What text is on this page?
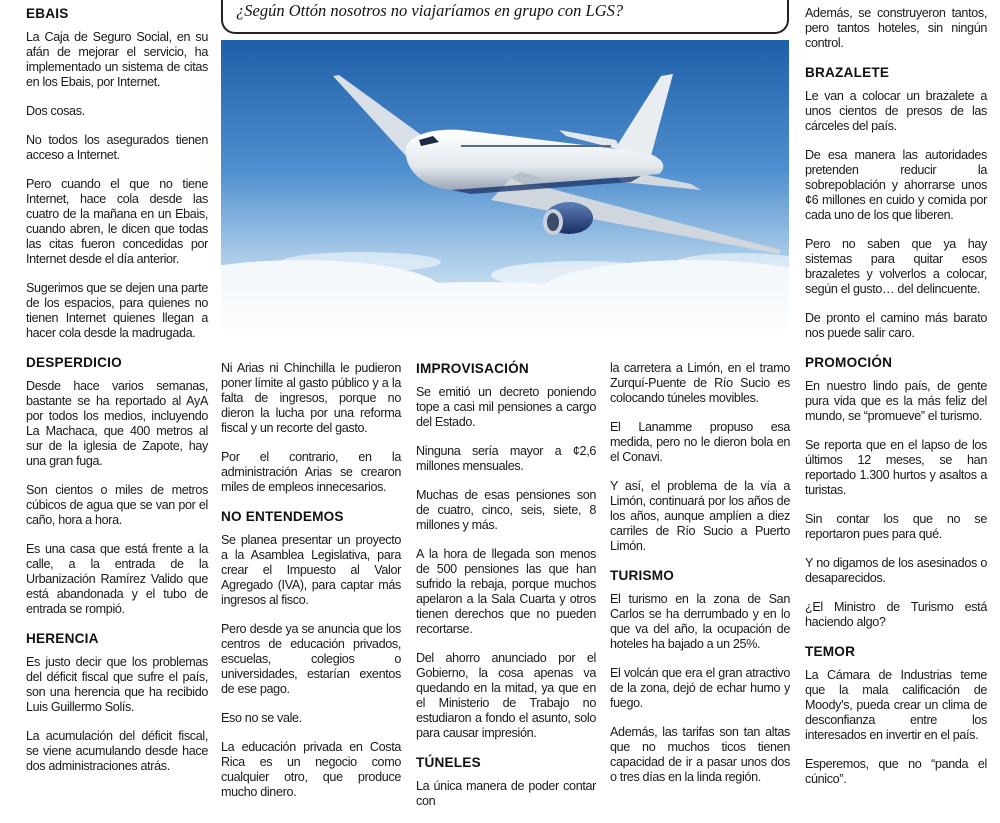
EBAIS

La Caja de Seguro Social, en su afán de mejorar el servicio, ha implementado un sistema de citas en los Ebais, por Internet.

Dos cosas.

No todos los asegurados tienen acceso a Internet.

Pero cuando el que no tiene Internet, hace cola desde las cuatro de la mañana en un Ebais, cuando abren, le dicen que todas las citas fueron concedidas por Internet desde el día anterior.

Sugerimos que se dejen una parte de los espacios, para quienes no tienen Internet quienes llegan a hacer cola desde la madrugada.

DESPERDICIO

Desde hace varios semanas, bastante se ha reportado al AyA por todos los medios, incluyendo La Machaca, que 400 metros al sur de la iglesia de Zapote, hay una gran fuga.

Son cientos o miles de metros cúbicos de agua que se van por el caño, hora a hora.

Es una casa que está frente a la calle, a la entrada de la Urbanización Ramírez Valido que está abandonada y el tubo de entrada se rompió.

HERENCIA

Es justo decir que los problemas del déficit fiscal que sufre el país, son una herencia que ha recibido Luis Guillermo Solís.

La acumulación del déficit fiscal, se viene acumulando desde hace dos administraciones atrás.

¿Según Ottón nosotros no viajaríamos en grupo con LGS?

Ni Arias ni Chinchilla le pudieron poner límite al gasto público y a la falta de ingresos, porque no dieron la lucha por una reforma fiscal y un recorte del gasto.

Por el contrario, en la administración Arias se crearon miles de empleos innecesarios.

NO ENTENDEMOS

Se planea presentar un proyecto a la Asamblea Legislativa, para crear el Impuesto al Valor Agregado (IVA), para captar más ingresos al fisco.

Pero desde ya se anuncia que los centros de educación privados, escuelas, colegios o universidades, estarían exentos de ese pago.

Eso no se vale.

La educación privada en Costa Rica es un negocio como cualquier otro, que produce mucho dinero.

IMPROVISACIÓN

Se emitió un decreto poniendo tope a casi mil pensiones a cargo del Estado.

Ninguna sería mayor a ¢2,6 millones mensuales.

Muchas de esas pensiones son de cuatro, cinco, seis, siete, 8 millones y más.

A la hora de llegada son menos de 500 pensiones las que han sufrido la rebaja, porque muchos apelaron a la Sala Cuarta y otros tienen derechos que no pueden recortarse.

Del ahorro anunciado por el Gobierno, la cosa apenas va quedando en la mitad, ya que en el Ministerio de Trabajo no estudiaron a fondo el asunto, solo para causar impresión.

TÚNELES

La única manera de poder contar con

la carretera a Limón, en el tramo Zurquí-Puente de Río Sucio es colocando túneles movibles.

El Lanamme propuso esa medida, pero no le dieron bola en el Conavi.

Y así, el problema de la vía a Limón, continuará por los años de los años, aunque amplíen a diez carriles de Río Sucio a Puerto Limón.

TURISMO

El turismo en la zona de San Carlos se ha derrumbado y en lo que va del año, la ocupación de hoteles ha bajado a un 25%.

El volcán que era el gran atractivo de la zona, dejó de echar humo y fuego.

Además, las tarifas son tan altas que no muchos ticos tienen capacidad de ir a pasar unos dos o tres días en la linda región.

Además, se construyeron tantos, pero tantos hoteles, sin ningún control.

BRAZALETE

Le van a colocar un brazalete a unos cientos de presos de las cárceles del país.

De esa manera las autoridades pretenden reducir la sobrepoblación y ahorrarse unos ¢6 millones en cuido y comida por cada uno de los que liberen.

Pero no saben que ya hay sistemas para quitar esos brazaletes y volverlos a colocar, según el gusto… del delincuente.

De pronto el camino más barato nos puede salir caro.

PROMOCIÓN

En nuestro lindo país, de gente pura vida que es la más feliz del mundo, se “promueve” el turismo.

Se reporta que en el lapso de los últimos 12 meses, se han reportado 1.300 hurtos y asaltos a turistas.

Sin contar los que no se reportaron pues para qué.

Y no digamos de los asesinados o desaparecidos.

¿El Ministro de Turismo está haciendo algo?

TEMOR

La Cámara de Industrias teme que la mala calificación de Moody’s, pueda crear un clima de desconfianza entre los interesados en invertir en el país.

Esperemos, que no “panda el cúnico”.
